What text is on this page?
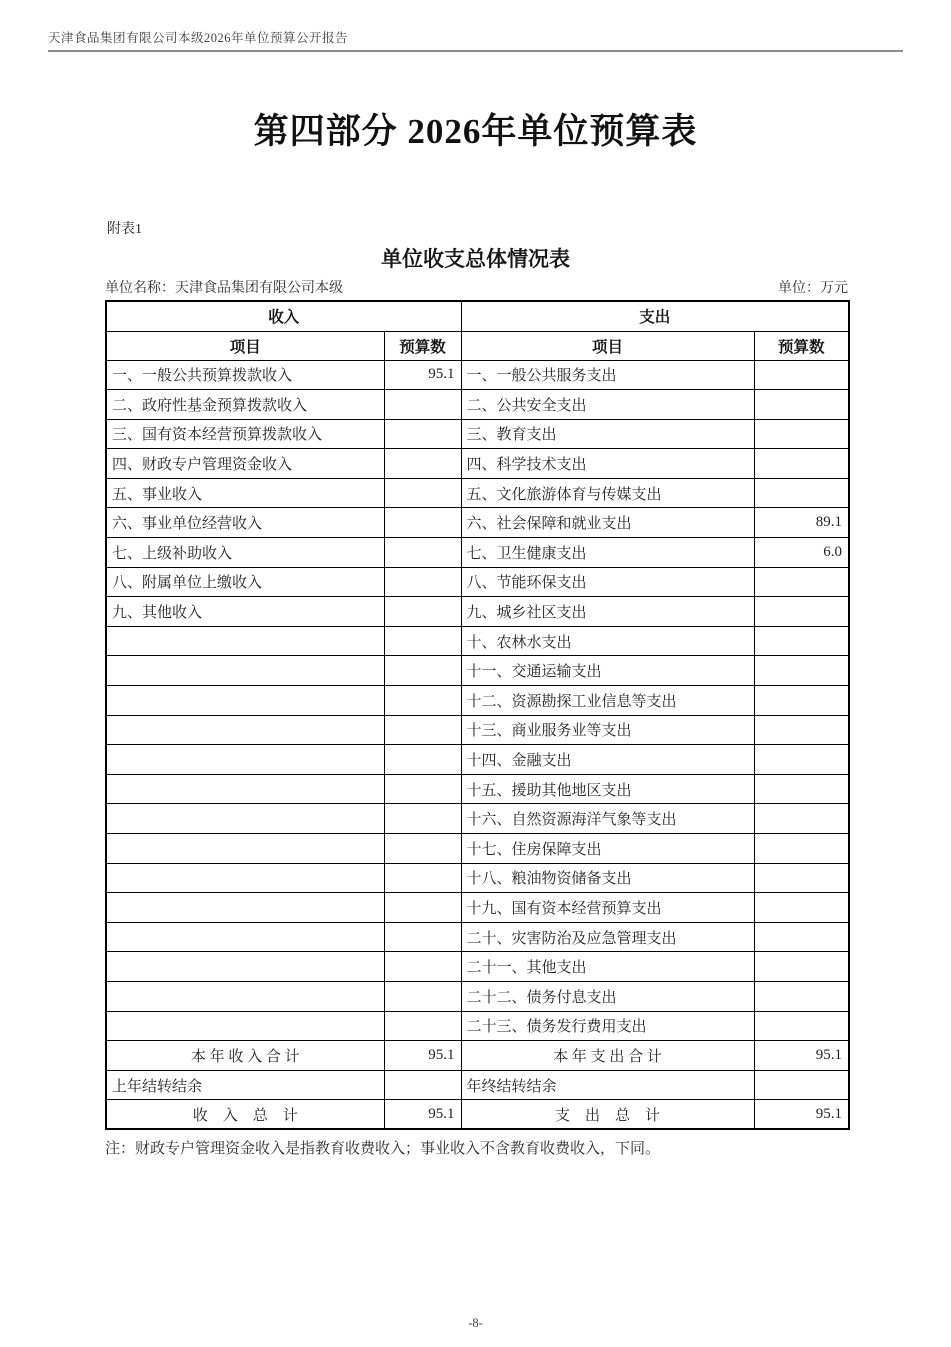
天津食品集团有限公司本级2026年单位预算公开报告
第四部分 2026年单位预算表
附表1
单位收支总体情况表
单位名称：天津食品集团有限公司本级	单位：万元
收入		支出	
项目	预算数	项目	预算数
一、一般公共预算拨款收入	95.1	一、一般公共服务支出	
二、政府性基金预算拨款收入		二、公共安全支出	
三、国有资本经营预算拨款收入		三、教育支出	
四、财政专户管理资金收入		四、科学技术支出	
五、事业收入		五、文化旅游体育与传媒支出	
六、事业单位经营收入		六、社会保障和就业支出	89.1
七、上级补助收入		七、卫生健康支出	6.0
八、附属单位上缴收入		八、节能环保支出	
九、其他收入		九、城乡社区支出	
		十、农林水支出	
		十一、交通运输支出	
		十二、资源勘探工业信息等支出	
		十三、商业服务业等支出	
		十四、金融支出	
		十五、援助其他地区支出	
		十六、自然资源海洋气象等支出	
		十七、住房保障支出	
		十八、粮油物资储备支出	
		十九、国有资本经营预算支出	
		二十、灾害防治及应急管理支出	
		二十一、其他支出	
		二十二、债务付息支出	
		二十三、债务发行费用支出	
本 年 收 入 合 计	95.1	本 年 支 出 合 计	95.1
上年结转结余		年终结转结余	
收　入　总　计	95.1	支　出　总　计	95.1
注：财政专户管理资金收入是指教育收费收入；事业收入不含教育收费收入，下同。
-8-
